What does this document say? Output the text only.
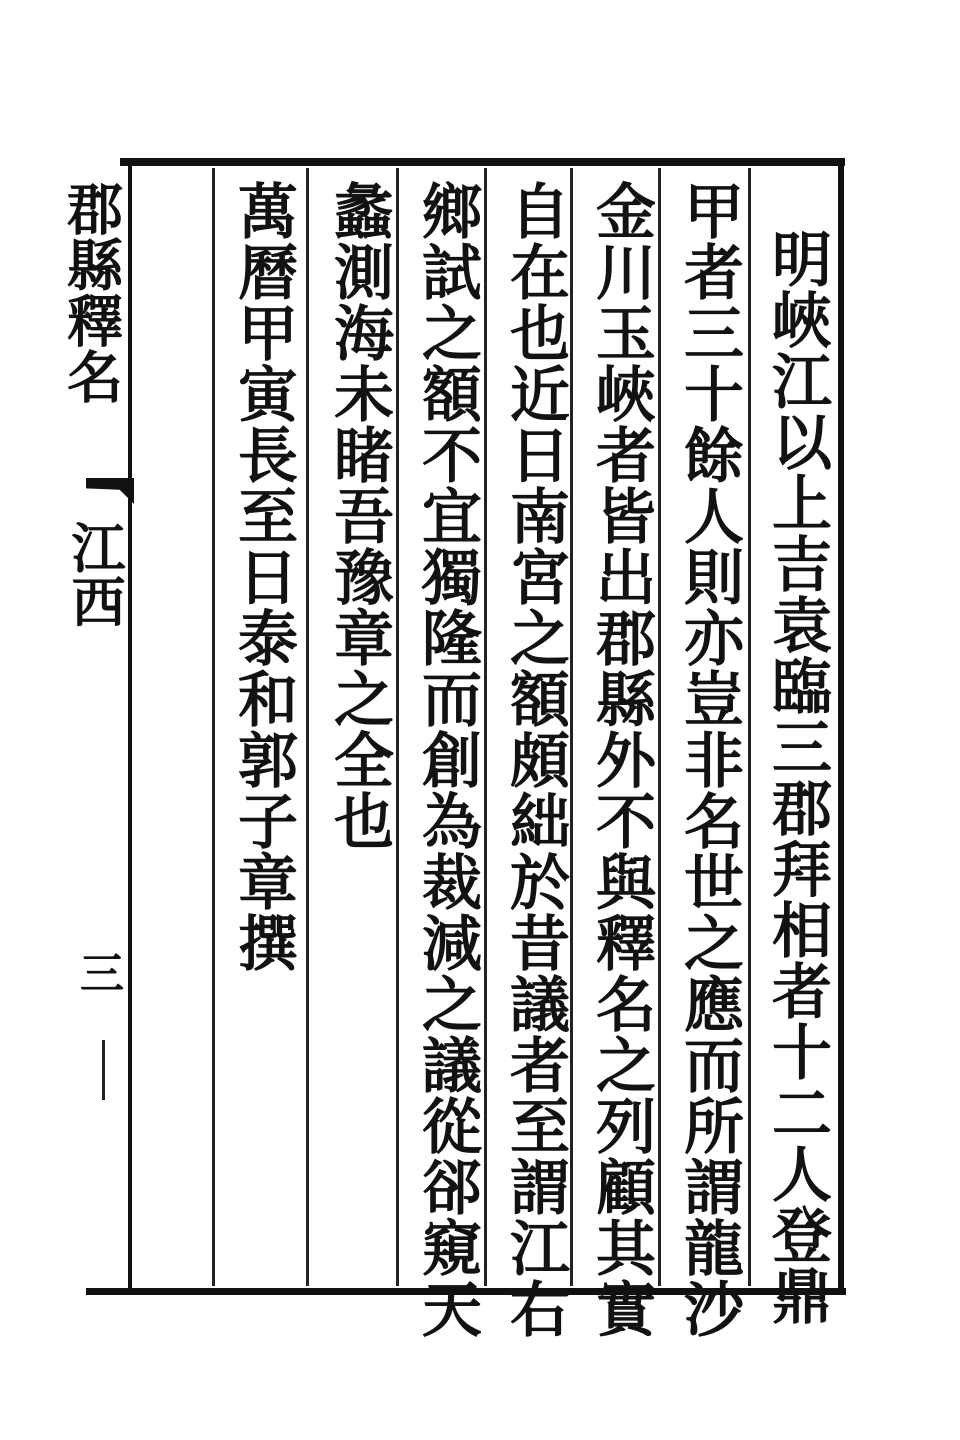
明峽江以上吉袁臨三郡拜相者十二人登鼎
甲者三十餘人則亦豈非名世之應而所謂龍沙
金川玉峽者皆出郡縣外不與釋名之列顧其實
自在也近日南宮之額頗絀於昔議者至謂江右
鄉試之額不宜獨隆而創為裁減之議從郤窺天
蠡測海未睹吾豫章之全也
萬曆甲寅長至日泰和郭子章撰
郡縣釋名
江西
三
